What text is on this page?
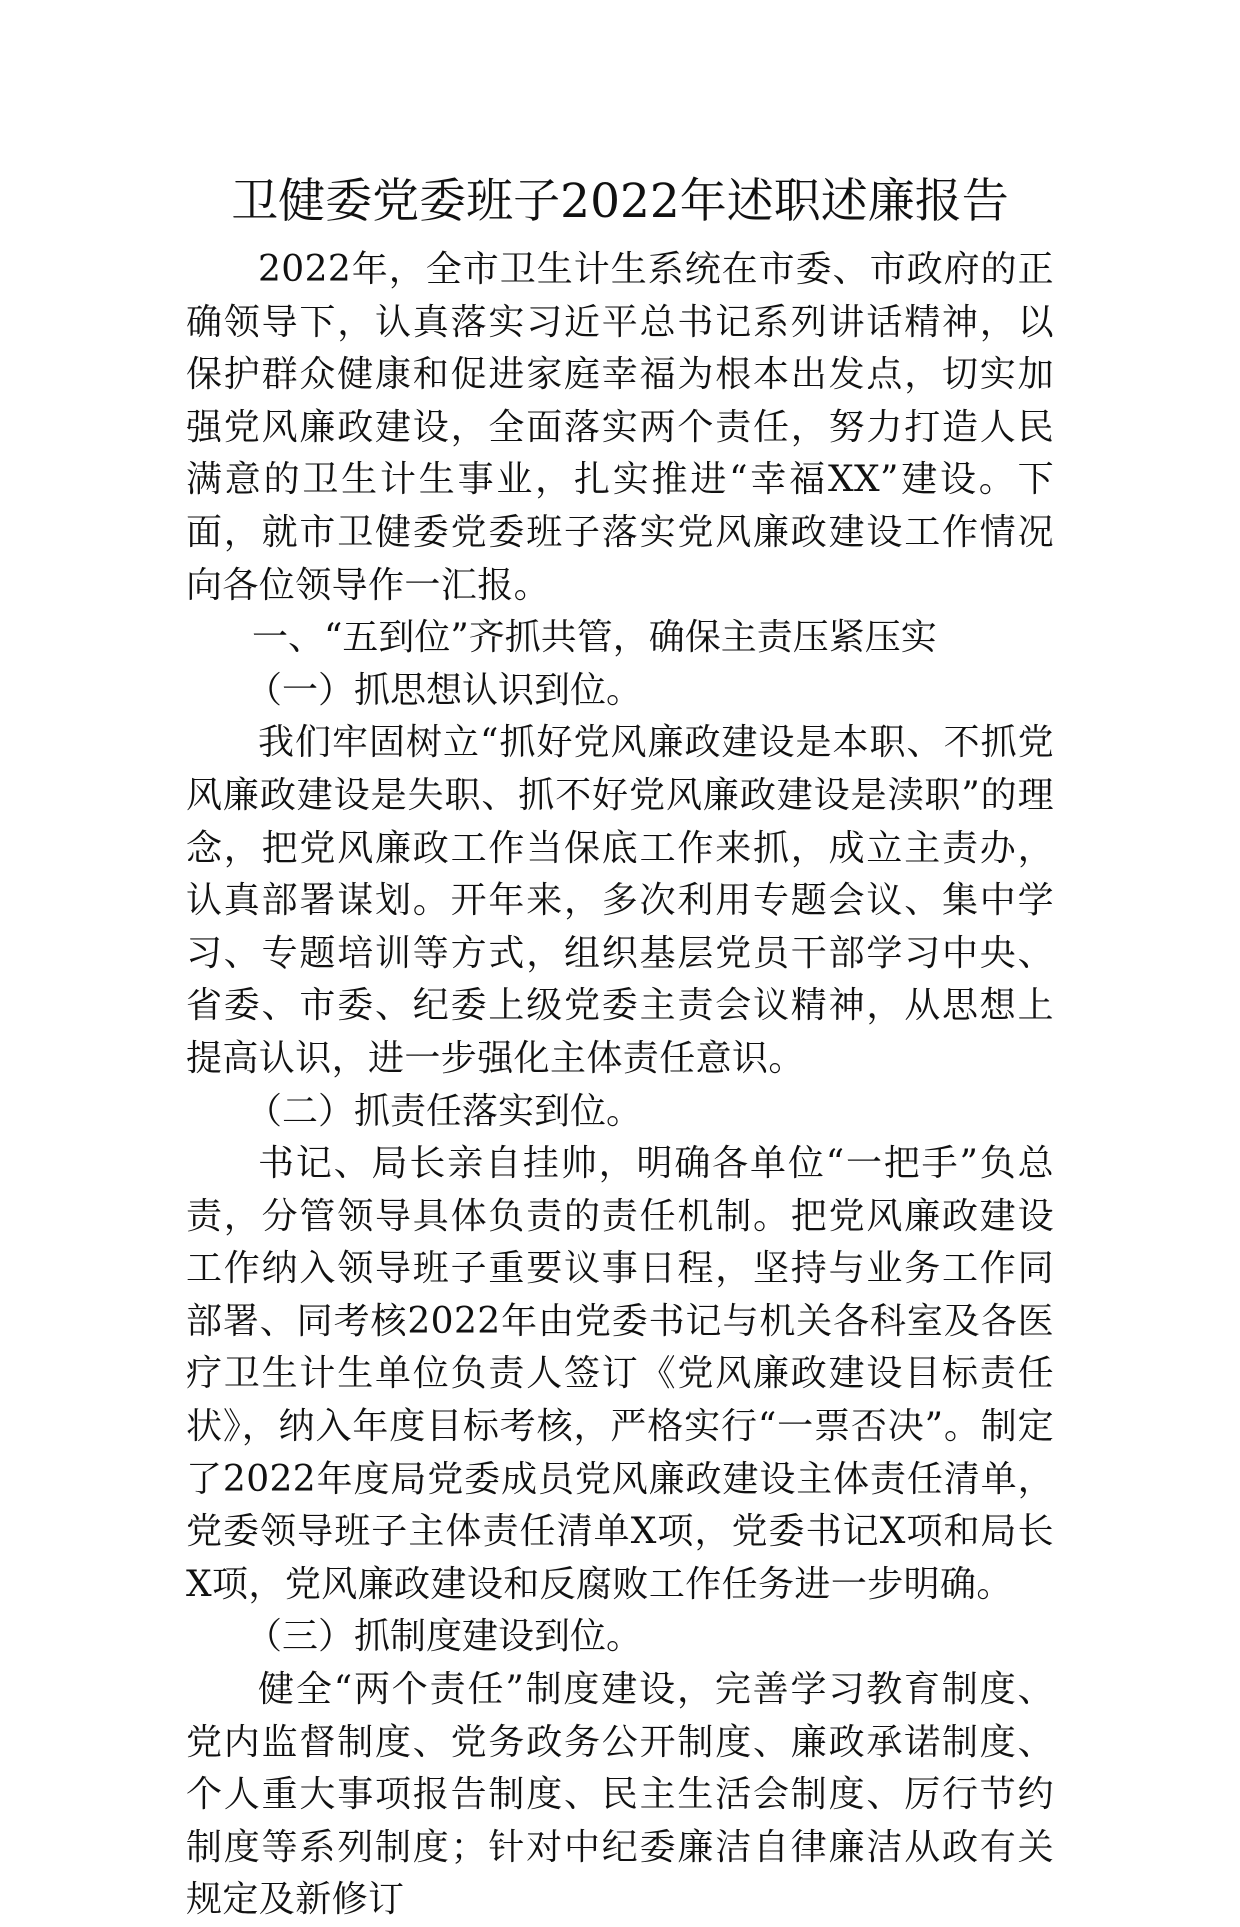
卫健委党委班子2022年述职述廉报告

2022年，全市卫生计生系统在市委、市政府的正确领导下，认真落实习近平总书记系列讲话精神，以保护群众健康和促进家庭幸福为根本出发点，切实加强党风廉政建设，全面落实两个责任，努力打造人民满意的卫生计生事业，扎实推进“幸福XX”建设。下面，就市卫健委党委班子落实党风廉政建设工作情况向各位领导作一汇报。

一、“五到位”齐抓共管，确保主责压紧压实

（一）抓思想认识到位。

我们牢固树立“抓好党风廉政建设是本职、不抓党风廉政建设是失职、抓不好党风廉政建设是渎职”的理念，把党风廉政工作当保底工作来抓，成立主责办，认真部署谋划。开年来，多次利用专题会议、集中学习、专题培训等方式，组织基层党员干部学习中央、省委、市委、纪委上级党委主责会议精神，从思想上提高认识，进一步强化主体责任意识。

（二）抓责任落实到位。

书记、局长亲自挂帅，明确各单位“一把手”负总责，分管领导具体负责的责任机制。把党风廉政建设工作纳入领导班子重要议事日程，坚持与业务工作同部署、同考核2022年由党委书记与机关各科室及各医疗卫生计生单位负责人签订《党风廉政建设目标责任状》，纳入年度目标考核，严格实行“一票否决”。制定了2022年度局党委成员党风廉政建设主体责任清单，党委领导班子主体责任清单X项，党委书记X项和局长X项，党风廉政建设和反腐败工作任务进一步明确。

（三）抓制度建设到位。

健全“两个责任”制度建设，完善学习教育制度、党内监督制度、党务政务公开制度、廉政承诺制度、个人重大事项报告制度、民主生活会制度、厉行节约制度等系列制度；针对中纪委廉洁自律廉洁从政有关规定及新修订
